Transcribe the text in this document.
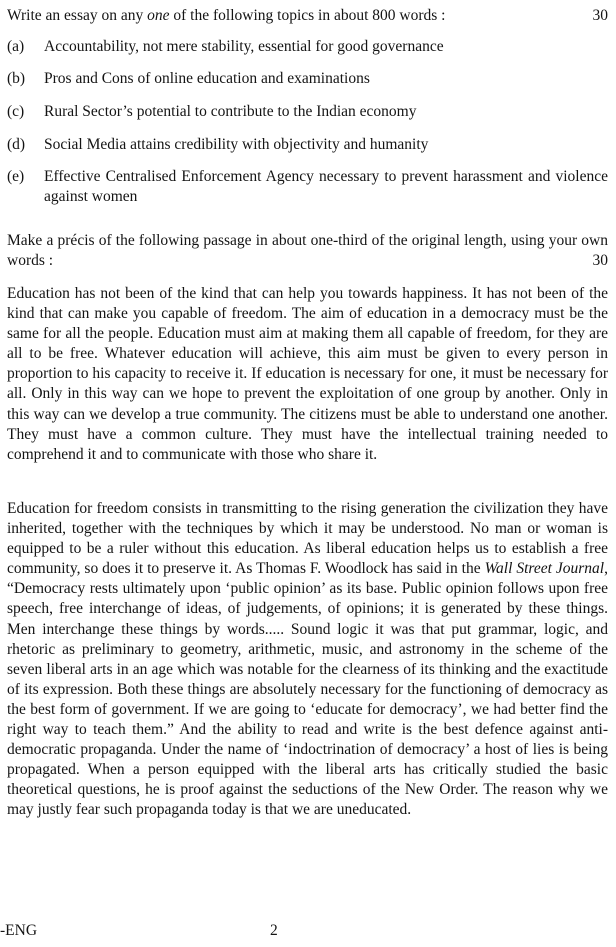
Write an essay on any one of the following topics in about 800 words :	30
(a) Accountability, not mere stability, essential for good governance
(b) Pros and Cons of online education and examinations
(c) Rural Sector’s potential to contribute to the Indian economy
(d) Social Media attains credibility with objectivity and humanity
(e) Effective Centralised Enforcement Agency necessary to prevent harassment and violence against women
Make a précis of the following passage in about one-third of the original length, using your own words :	30
Education has not been of the kind that can help you towards happiness. It has not been of the kind that can make you capable of freedom. The aim of education in a democracy must be the same for all the people. Education must aim at making them all capable of freedom, for they are all to be free. Whatever education will achieve, this aim must be given to every person in proportion to his capacity to receive it. If education is necessary for one, it must be necessary for all. Only in this way can we hope to prevent the exploitation of one group by another. Only in this way can we develop a true community. The citizens must be able to understand one another. They must have a common culture. They must have the intellectual training needed to comprehend it and to communicate with those who share it.
Education for freedom consists in transmitting to the rising generation the civilization they have inherited, together with the techniques by which it may be understood. No man or woman is equipped to be a ruler without this education. As liberal education helps us to establish a free community, so does it to preserve it. As Thomas F. Woodlock has said in the Wall Street Journal, “Democracy rests ultimately upon ‘public opinion’ as its base. Public opinion follows upon free speech, free interchange of ideas, of judgements, of opinions; it is generated by these things. Men interchange these things by words..... Sound logic it was that put grammar, logic, and rhetoric as preliminary to geometry, arithmetic, music, and astronomy in the scheme of the seven liberal arts in an age which was notable for the clearness of its thinking and the exactitude of its expression. Both these things are absolutely necessary for the functioning of democracy as the best form of government. If we are going to ‘educate for democracy’, we had better find the right way to teach them.” And the ability to read and write is the best defence against anti-democratic propaganda. Under the name of ‘indoctrination of democracy’ a host of lies is being propagated. When a person equipped with the liberal arts has critically studied the basic theoretical questions, he is proof against the seductions of the New Order. The reason why we may justly fear such propaganda today is that we are uneducated.
-ENG	2
